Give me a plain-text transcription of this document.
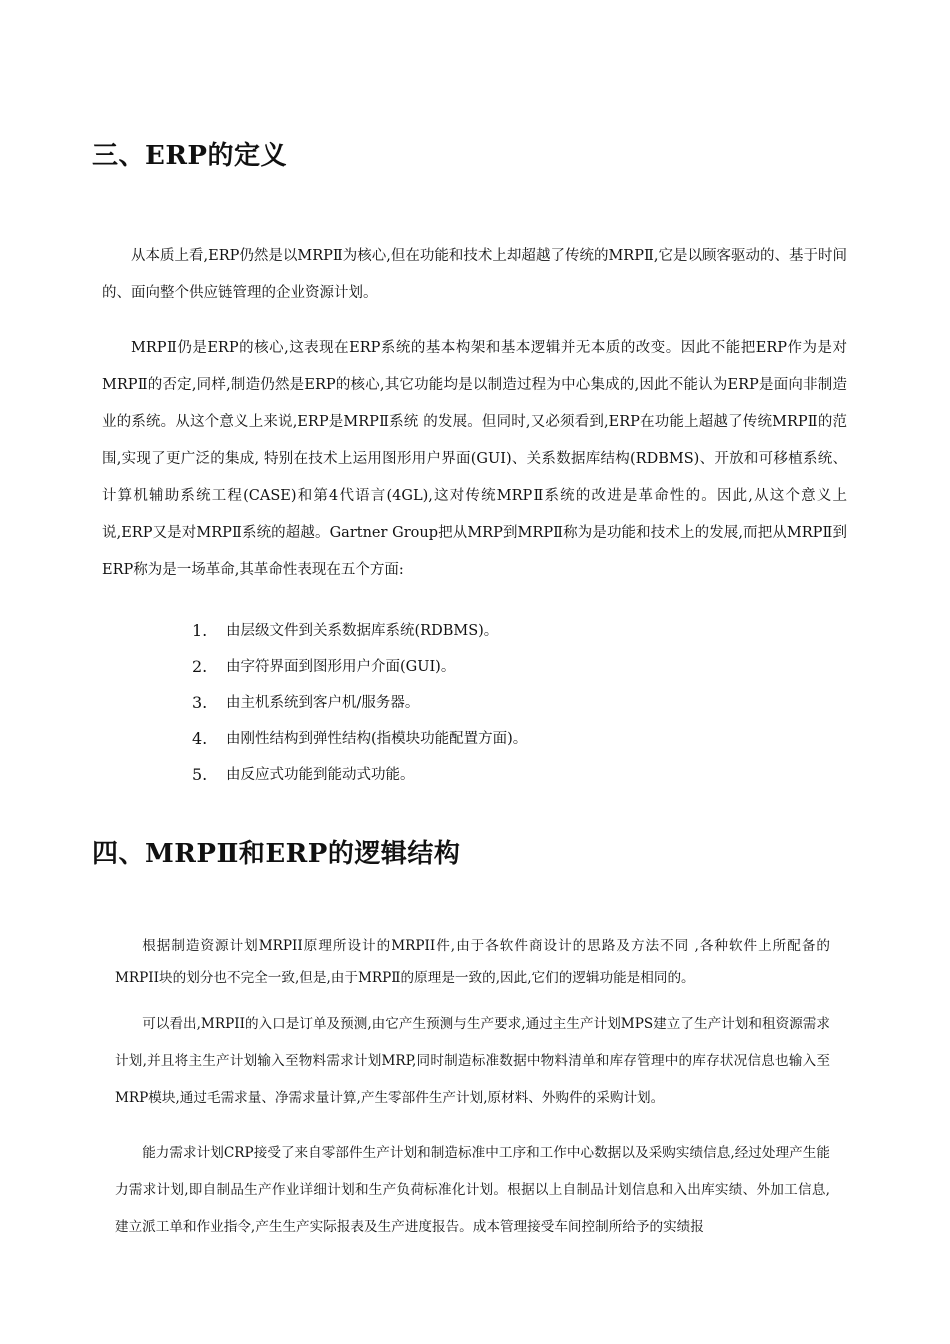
三、ERP的定义

从本质上看,ERP仍然是以MRPⅡ为核心,但在功能和技术上却超越了传统的MRPⅡ,它是以顾客驱动的、基于时间的、面向整个供应链管理的企业资源计划。

MRPⅡ仍是ERP的核心,这表现在ERP系统的基本构架和基本逻辑并无本质的改变。因此不能把ERP作为是对MRPⅡ的否定,同样,制造仍然是ERP的核心,其它功能均是以制造过程为中心集成的,因此不能认为ERP是面向非制造业的系统。从这个意义上来说,ERP是MRPⅡ系统 的发展。但同时,又必须看到,ERP在功能上超越了传统MRPⅡ的范围,实现了更广泛的集成, 特别在技术上运用图形用户界面(GUI)、关系数据库结构(RDBMS)、开放和可移植系统、计算机辅助系统工程(CASE)和第4代语言(4GL),这对传统MRPⅡ系统的改进是革命性的。因此,从这个意义上说,ERP又是对MRPⅡ系统的超越。Gartner Group把从MRP到MRPⅡ称为是功能和技术上的发展,而把从MRPⅡ到ERP称为是一场革命,其革命性表现在五个方面:

1.	由层级文件到关系数据库系统(RDBMS)。
2.	由字符界面到图形用户介面(GUI)。
3.	由主机系统到客户机/服务器。
4.	由刚性结构到弹性结构(指模块功能配置方面)。
5.	由反应式功能到能动式功能。
四、MRPⅡ和ERP的逻辑结构

根据制造资源计划MRPII原理所设计的MRPII件,由于各软件商设计的思路及方法不同 ,各种软件上所配备的MRPII块的划分也不完全一致,但是,由于MRPⅡ的原理是一致的,因此,它们的逻辑功能是相同的。

可以看出,MRPII的入口是订单及预测,由它产生预测与生产要求,通过主生产计划MPS建立了生产计划和租资源需求计划,并且将主生产计划输入至物料需求计划MRP,同时制造标准数据中物料清单和库存管理中的库存状况信息也输入至MRP模块,通过毛需求量、净需求量计算,产生零部件生产计划,原材料、外购件的采购计划。

能力需求计划CRP接受了来自零部件生产计划和制造标准中工序和工作中心数据以及采购实绩信息,经过处理产生能力需求计划,即自制品生产作业详细计划和生产负荷标准化计划。根据以上自制品计划信息和入出库实绩、外加工信息,建立派工单和作业指令,产生生产实际报表及生产进度报告。成本管理接受车间控制所给予的实绩报
